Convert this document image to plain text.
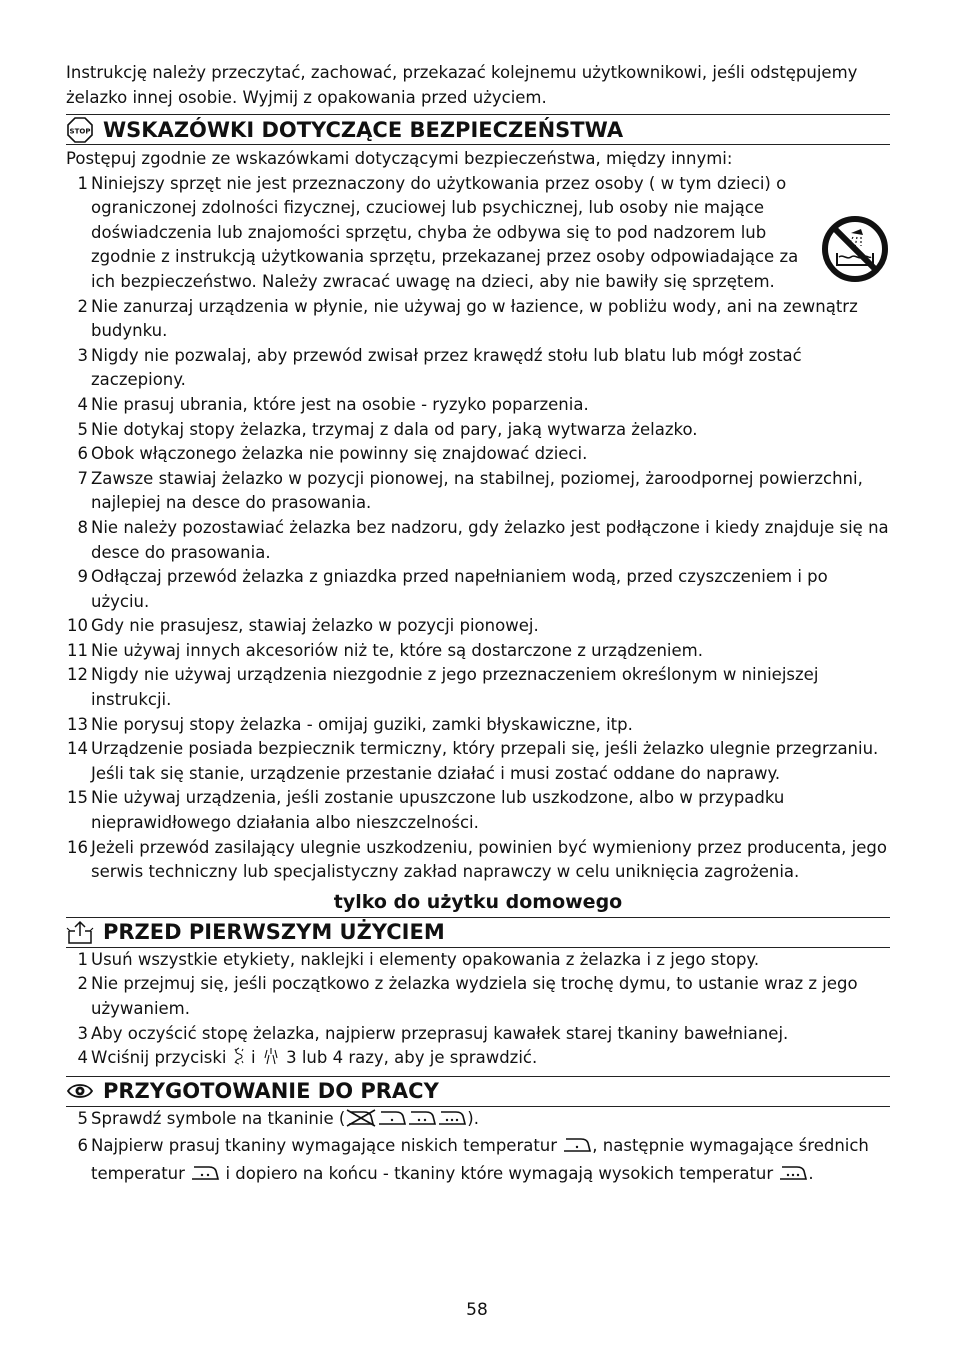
Instrukcję należy przeczytać, zachować, przekazać kolejnemu użytkownikowi, jeśli odstępujemy żelazko innej osobie. Wyjmij z opakowania przed użyciem.

STOP WSKAZÓWKI DOTYCZĄCE BEZPIECZEŃSTWA

Postępuj zgodnie ze wskazówkami dotyczącymi bezpieczeństwa, między innymi:

1 Niniejszy sprzęt nie jest przeznaczony do użytkowania przez osoby ( w tym dzieci) o ograniczonej zdolności fizycznej, czuciowej lub psychicznej, lub osoby nie mające doświadczenia lub znajomości sprzętu, chyba że odbywa się to pod nadzorem lub zgodnie z instrukcją użytkowania sprzętu, przekazanej przez osoby odpowiadające za ich bezpieczeństwo. Należy zwracać uwagę na dzieci, aby nie bawiły się sprzętem.
2 Nie zanurzaj urządzenia w płynie, nie używaj go w łazience, w pobliżu wody, ani na zewnątrz budynku.
3 Nigdy nie pozwalaj, aby przewód zwisał przez krawędź stołu lub blatu lub mógł zostać zaczepiony.
4 Nie prasuj ubrania, które jest na osobie - ryzyko poparzenia.
5 Nie dotykaj stopy żelazka, trzymaj z dala od pary, jaką wytwarza żelazko.
6 Obok włączonego żelazka nie powinny się znajdować dzieci.
7 Zawsze stawiaj żelazko w pozycji pionowej, na stabilnej, poziomej, żaroodpornej powierzchni, najlepiej na desce do prasowania.
8 Nie należy pozostawiać żelazka bez nadzoru, gdy żelazko jest podłączone i kiedy znajduje się na desce do prasowania.
9 Odłączaj przewód żelazka z gniazdka przed napełnianiem wodą, przed czyszczeniem i po użyciu.
10 Gdy nie prasujesz, stawiaj żelazko w pozycji pionowej.
11 Nie używaj innych akcesoriów niż te, które są dostarczone z urządzeniem.
12 Nigdy nie używaj urządzenia niezgodnie z jego przeznaczeniem określonym w niniejszej instrukcji.
13 Nie porysuj stopy żelazka - omijaj guziki, zamki błyskawiczne, itp.
14 Urządzenie posiada bezpiecznik termiczny, który przepali się, jeśli żelazko ulegnie przegrzaniu. Jeśli tak się stanie, urządzenie przestanie działać i musi zostać oddane do naprawy.
15 Nie używaj urządzenia, jeśli zostanie upuszczone lub uszkodzone, albo w przypadku nieprawidłowego działania albo nieszczelności.
16 Jeżeli przewód zasilający ulegnie uszkodzeniu, powinien być wymieniony przez producenta, jego serwis techniczny lub specjalistyczny zakład naprawczy w celu uniknięcia zagrożenia.
tylko do użytku domowego
PRZED PIERWSZYM UŻYCIEM
1 Usuń wszystkie etykiety, naklejki i elementy opakowania z żelazka i z jego stopy.
2 Nie przejmuj się, jeśli początkowo z żelazka wydziela się trochę dymu, to ustanie wraz z jego używaniem.
3 Aby oczyścić stopę żelazka, najpierw przeprasuj kawałek starej tkaniny bawełnianej.
4 Wciśnij przyciski i 3 lub 4 razy, aby je sprawdzić.
PRZYGOTOWANIE DO PRACY
5 Sprawdź symbole na tkaninie (	).
6 Najpierw prasuj tkaniny wymagające niskich temperatur , następnie wymagające średnich temperatur i dopiero na końcu - tkaniny które wymagają wysokich temperatur .
58
